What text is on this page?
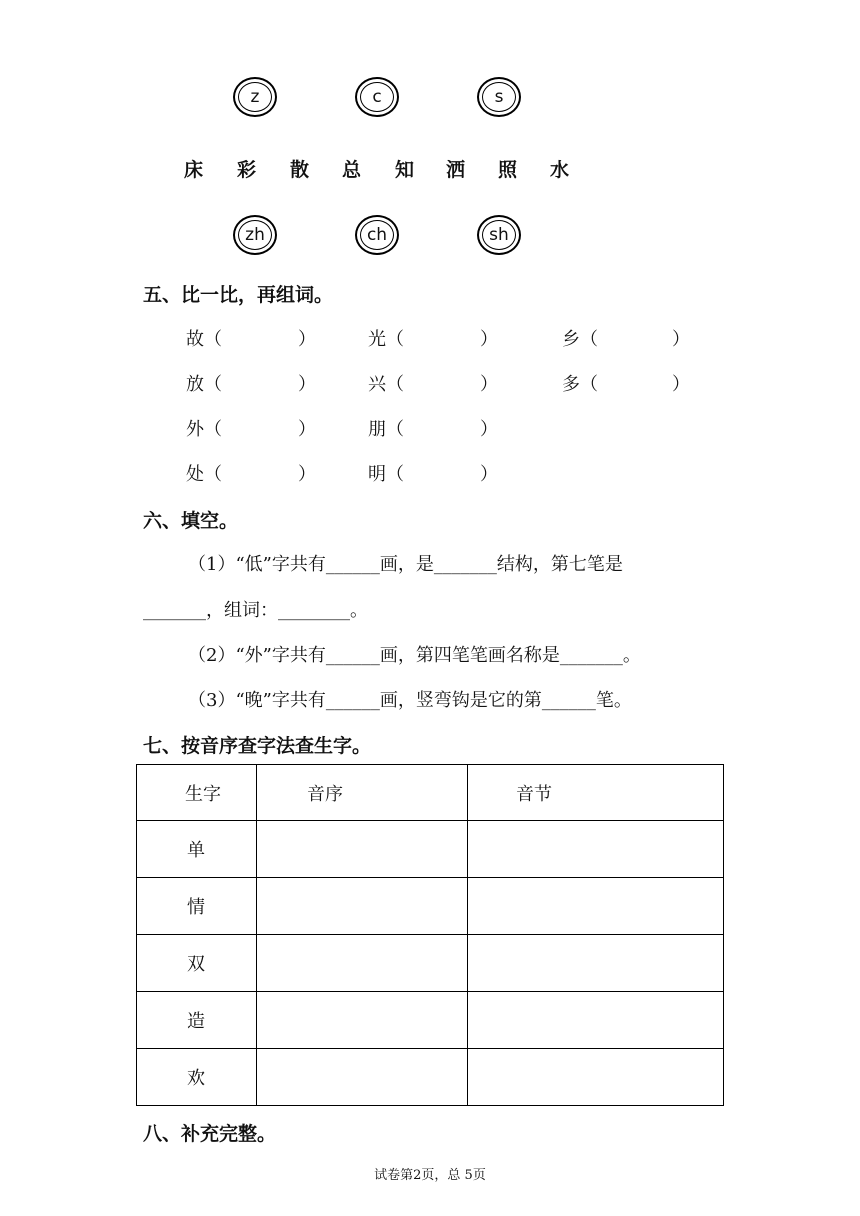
z	c	s
床 彩 散 总 知 洒 照 水
zh	ch	sh
五、比一比，再组词。
故（	）	光（	）	乡（	）
放（	）	兴（	）	多（	）
外（	）	朋（	）
处（	）	明（	）
六、填空。
（1）“低”字共有______画，是_______结构，第七笔是
_______，组词：________。
（2）“外”字共有______画，第四笔笔画名称是_______。
（3）“晚”字共有______画，竖弯钩是它的第______笔。
七、按音序查字法查生字。
生字	音序	音节
单		
情		
双		
造		
欢		
八、补充完整。
试卷第2页，总 5页
